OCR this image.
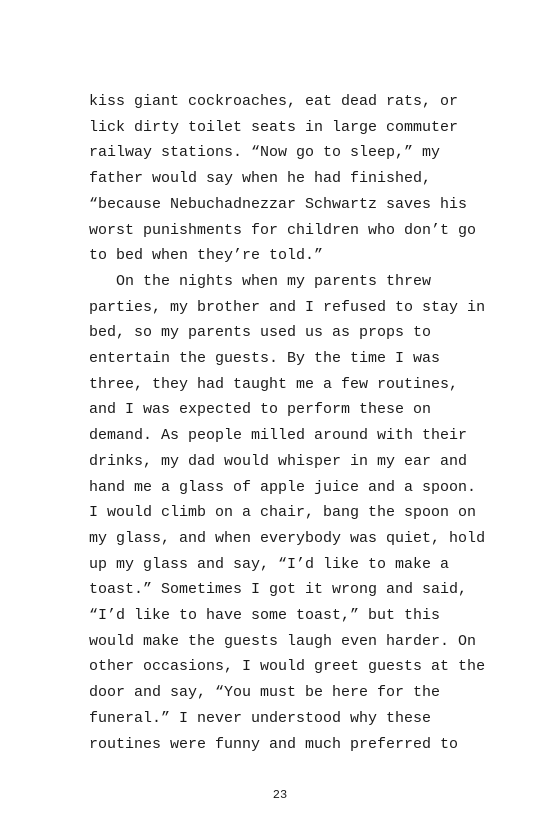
kiss giant cockroaches, eat dead rats, or
lick dirty toilet seats in large commuter
railway stations. “Now go to sleep,” my
father would say when he had finished,
“because Nebuchadnezzar Schwartz saves his
worst punishments for children who don’t go
to bed when they’re told.”
On the nights when my parents threw
parties, my brother and I refused to stay in
bed, so my parents used us as props to
entertain the guests. By the time I was
three, they had taught me a few routines,
and I was expected to perform these on
demand. As people milled around with their
drinks, my dad would whisper in my ear and
hand me a glass of apple juice and a spoon.
I would climb on a chair, bang the spoon on
my glass, and when everybody was quiet, hold
up my glass and say, “I’d like to make a
toast.” Sometimes I got it wrong and said,
“I’d like to have some toast,” but this
would make the guests laugh even harder. On
other occasions, I would greet guests at the
door and say, “You must be here for the
funeral.” I never understood why these
routines were funny and much preferred to
23
